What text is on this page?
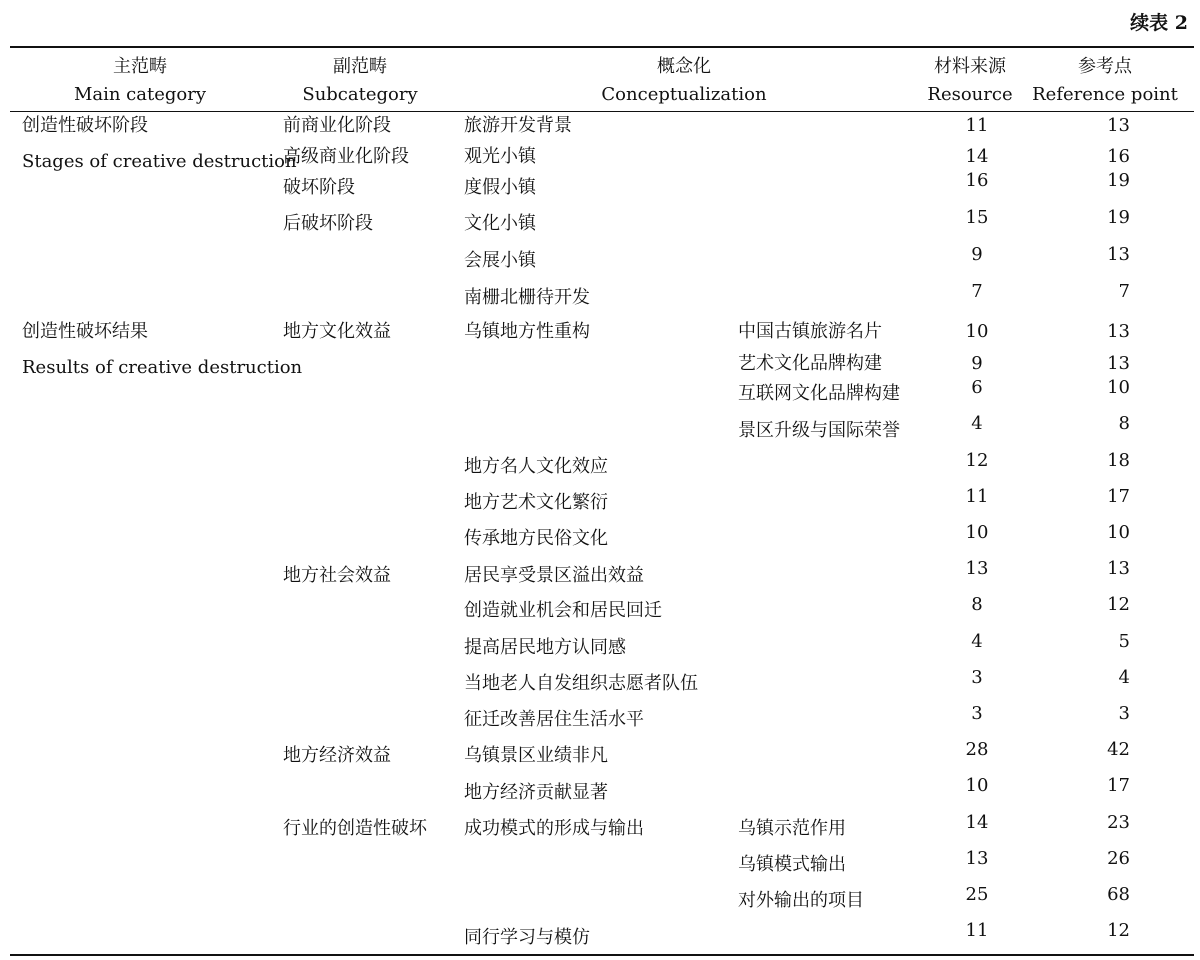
续表 2
主范畴
Main category
副范畴
Subcategory
概念化
Conceptualization
材料来源
Resource
参考点
Reference point
创造性破坏阶段
Stages of creative destruction
创造性破坏结果
Results of creative destruction
前商业化阶段
高级商业化阶段
破坏阶段
后破坏阶段
地方文化效益
地方社会效益
地方经济效益
行业的创造性破坏
旅游开发背景
观光小镇
度假小镇
文化小镇
会展小镇
南栅北栅待开发
乌镇地方性重构
地方名人文化效应
地方艺术文化繁衍
传承地方民俗文化
居民享受景区溢出效益
创造就业机会和居民回迁
提高居民地方认同感
当地老人自发组织志愿者队伍
征迁改善居住生活水平
乌镇景区业绩非凡
地方经济贡献显著
成功模式的形成与输出
同行学习与模仿
中国古镇旅游名片
艺术文化品牌构建
互联网文化品牌构建
景区升级与国际荣誉
乌镇示范作用
乌镇模式输出
对外输出的项目
11
14
16
15
9
7
10
9
6
4
12
11
10
13
8
4
3
3
28
10
14
13
25
11
13
16
19
19
13
7
13
13
10
8
18
17
10
13
12
5
4
3
42
17
23
26
68
12
